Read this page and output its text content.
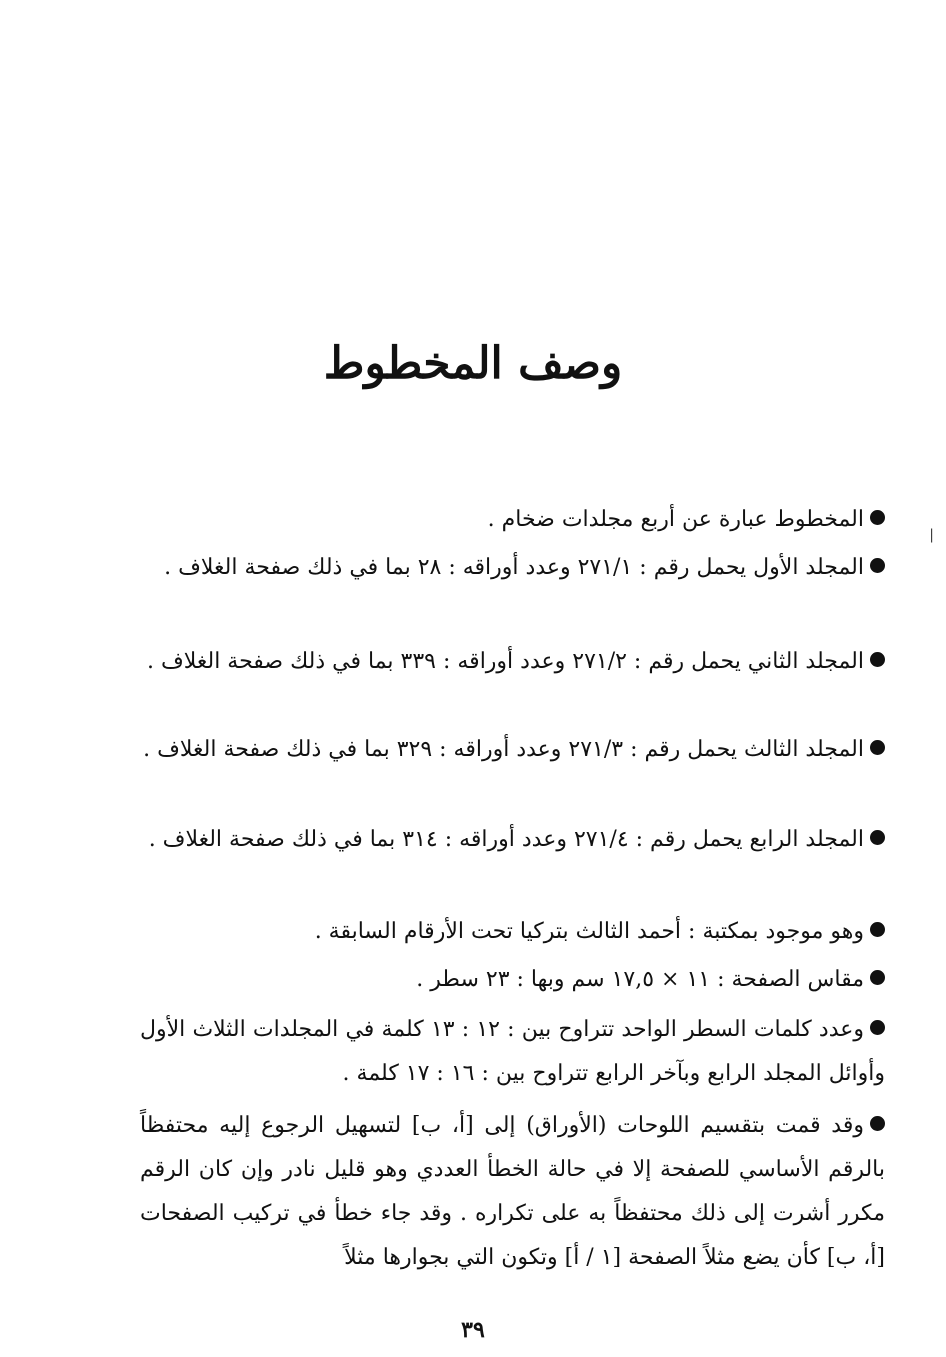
وصف المخطوط
|
المخطوط عبارة عن أربع مجلدات ضخام .
المجلد الأول يحمل رقم : ٢٧١/١ وعدد أوراقه : ٢٨ بما في ذلك صفحة الغلاف .
المجلد الثاني يحمل رقم : ٢٧١/٢ وعدد أوراقه : ٣٣٩ بما في ذلك صفحة الغلاف .
المجلد الثالث يحمل رقم : ٢٧١/٣ وعدد أوراقه : ٣٢٩ بما في ذلك صفحة الغلاف .
المجلد الرابع يحمل رقم : ٢٧١/٤ وعدد أوراقه : ٣١٤ بما في ذلك صفحة الغلاف .
وهو موجود بمكتبة : أحمد الثالث بتركيا تحت الأرقام السابقة .
مقاس الصفحة : ١١ × ١٧,٥ سم وبها : ٢٣ سطر .
وعدد كلمات السطر الواحد تتراوح بين : ١٢ : ١٣ كلمة في المجلدات الثلاث الأول وأوائل المجلد الرابع وبآخر الرابع تتراوح بين : ١٦ : ١٧ كلمة .
وقد قمت بتقسيم اللوحات (الأوراق) إلى [أ، ب] لتسهيل الرجوع إليه محتفظاً بالرقم الأساسي للصفحة إلا في حالة الخطأ العددي وهو قليل نادر وإن كان الرقم مكرر أشرت إلى ذلك محتفظاً به على تكراره . وقد جاء خطأ في تركيب الصفحات [أ، ب] كأن يضع مثلاً الصفحة [١ / أ] وتكون التي بجوارها مثلاً
٣٩
